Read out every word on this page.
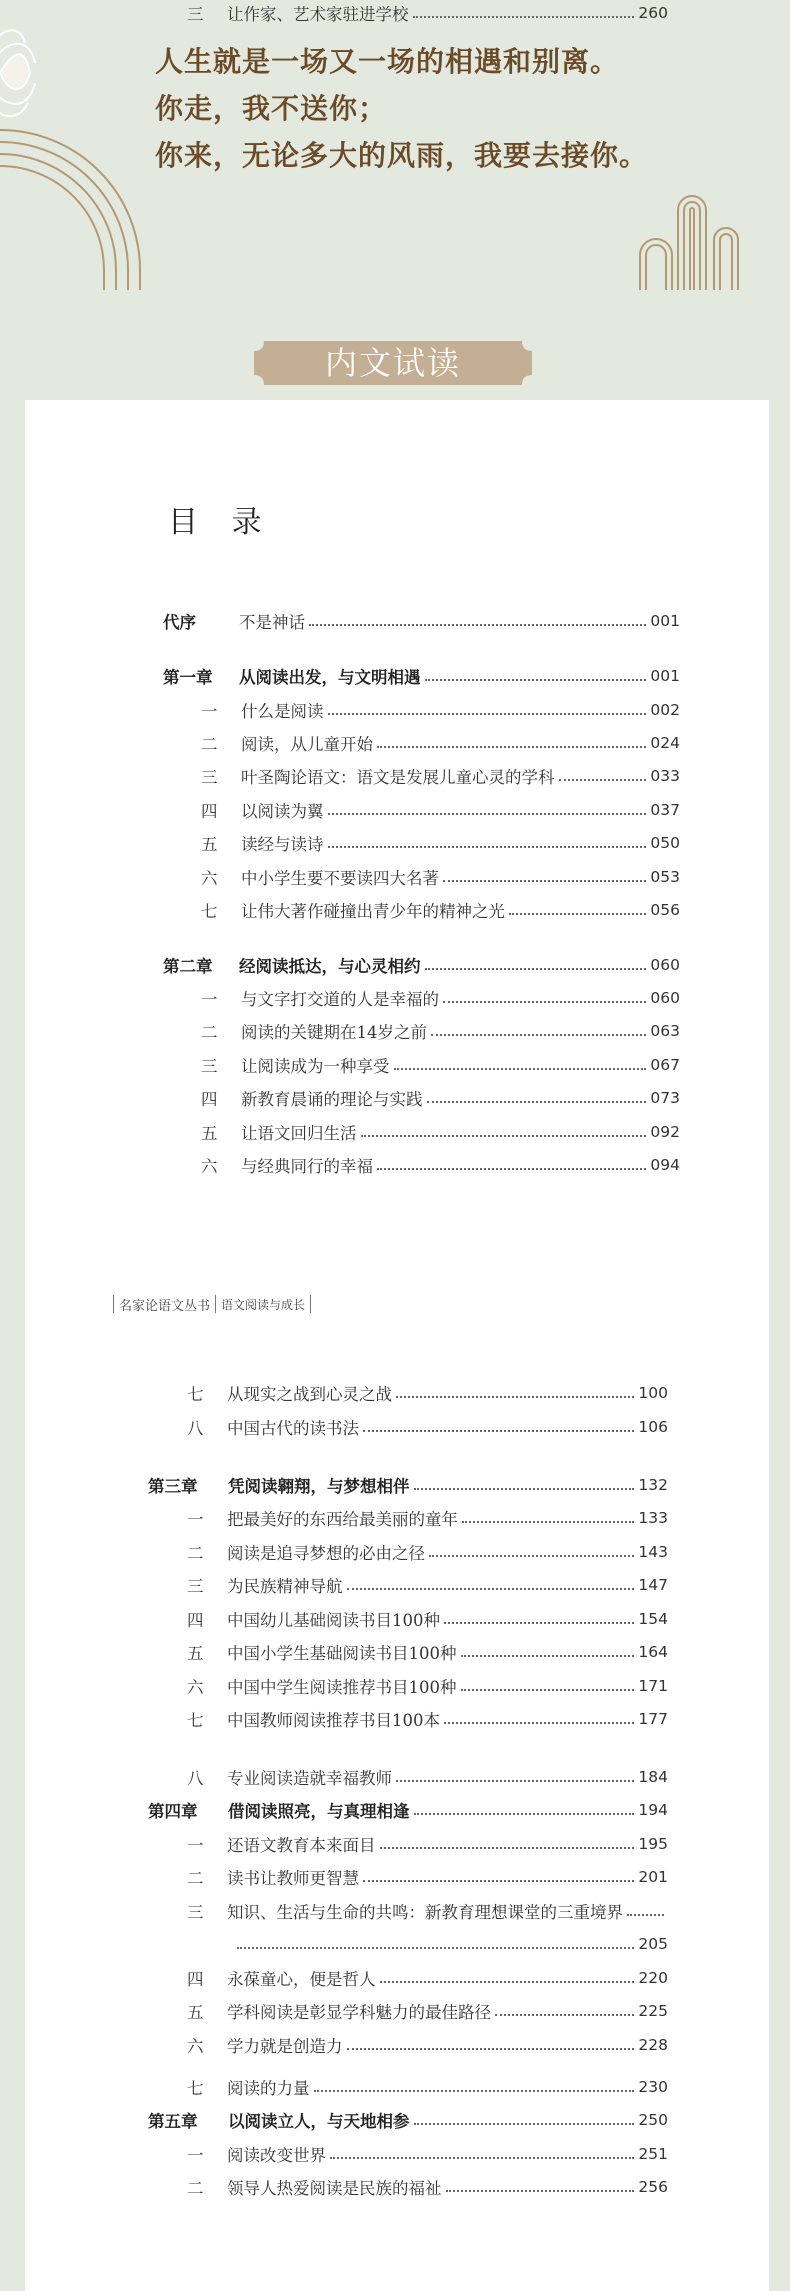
人生就是一场又一场的相遇和别离。
你走，我不送你；
你来，无论多大的风雨，我要去接你。
内文试读
目 录
名家论语文丛书 语文阅读与成长
代序	不是神话	001
第一章	从阅读出发，与文明相遇	001
一	什么是阅读	002
二	阅读，从儿童开始	024
三	叶圣陶论语文：语文是发展儿童心灵的学科	033
四	以阅读为翼	037
五	读经与读诗	050
六	中小学生要不要读四大名著	053
七	让伟大著作碰撞出青少年的精神之光	056
第二章	经阅读抵达，与心灵相约	060
一	与文字打交道的人是幸福的	060
二	阅读的关键期在14岁之前	063
三	让阅读成为一种享受	067
四	新教育晨诵的理论与实践	073
五	让语文回归生活	092
六	与经典同行的幸福	094
七	从现实之战到心灵之战	100
八	中国古代的读书法	106
第三章	凭阅读翱翔，与梦想相伴	132
一	把最美好的东西给最美丽的童年	133
二	阅读是追寻梦想的必由之径	143
三	为民族精神导航	147
四	中国幼儿基础阅读书目100种	154
五	中国小学生基础阅读书目100种	164
六	中国中学生阅读推荐书目100种	171
七	中国教师阅读推荐书目100本	177
八	专业阅读造就幸福教师	184
第四章	借阅读照亮，与真理相逢	194
一	还语文教育本来面目	195
二	读书让教师更智慧	201
三	知识、生活与生命的共鸣：新教育理想课堂的三重境界
205
四	永葆童心，便是哲人	220
五	学科阅读是彰显学科魅力的最佳路径	225
六	学力就是创造力	228
七	阅读的力量	230
第五章	以阅读立人，与天地相参	250
一	阅读改变世界	251
二	领导人热爱阅读是民族的福祉	256
三	让作家、艺术家驻进学校	260
